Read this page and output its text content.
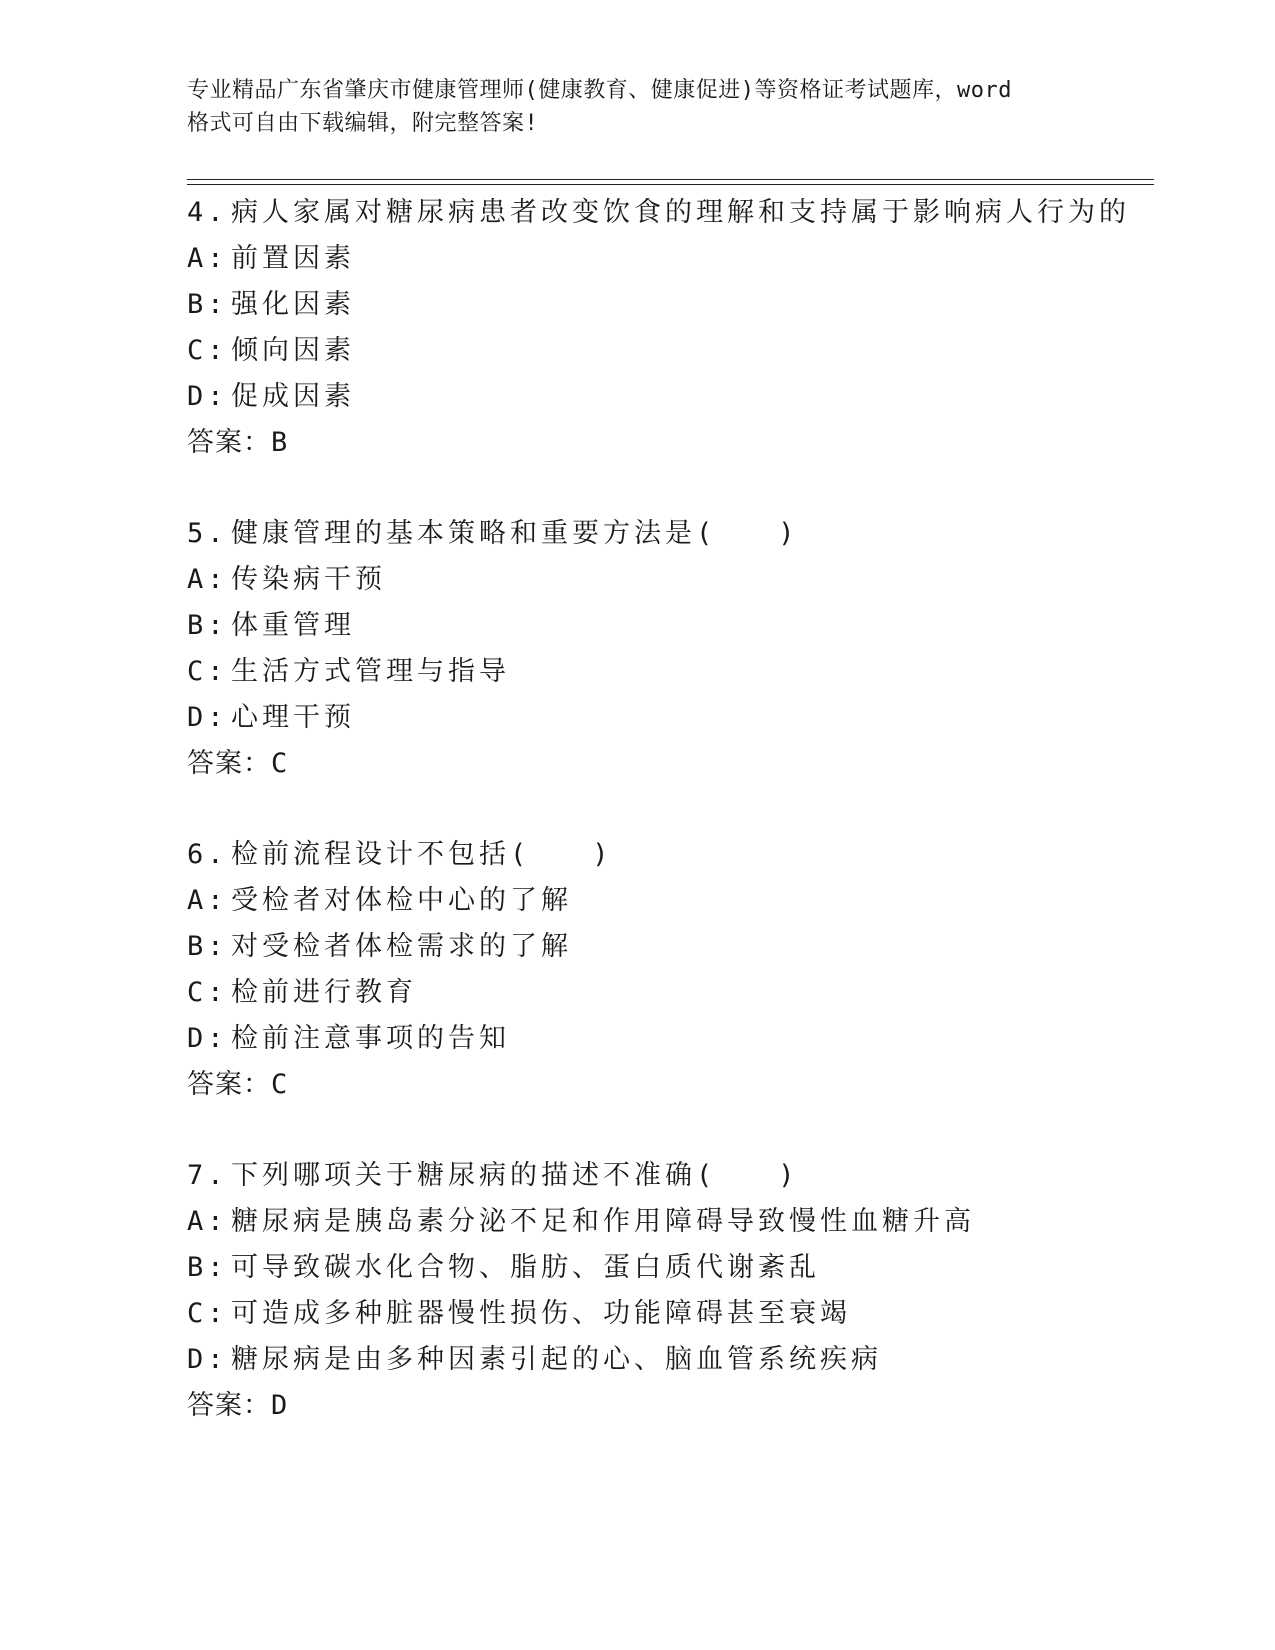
专业精品广东省肇庆市健康管理师(健康教育、健康促进)等资格证考试题库，word
格式可自由下载编辑，附完整答案!
4. 病人家属对糖尿病患者改变饮食的理解和支持属于影响病人行为的
A: 前置因素
B: 强化因素
C: 倾向因素
D: 促成因素
答案：B
5. 健康管理的基本策略和重要方法是(　　)
A: 传染病干预
B: 体重管理
C: 生活方式管理与指导
D: 心理干预
答案：C
6. 检前流程设计不包括(　　)
A: 受检者对体检中心的了解
B: 对受检者体检需求的了解
C: 检前进行教育
D: 检前注意事项的告知
答案：C
7. 下列哪项关于糖尿病的描述不准确(　　)
A: 糖尿病是胰岛素分泌不足和作用障碍导致慢性血糖升高
B: 可导致碳水化合物、脂肪、蛋白质代谢紊乱
C: 可造成多种脏器慢性损伤、功能障碍甚至衰竭
D: 糖尿病是由多种因素引起的心、脑血管系统疾病
答案：D
